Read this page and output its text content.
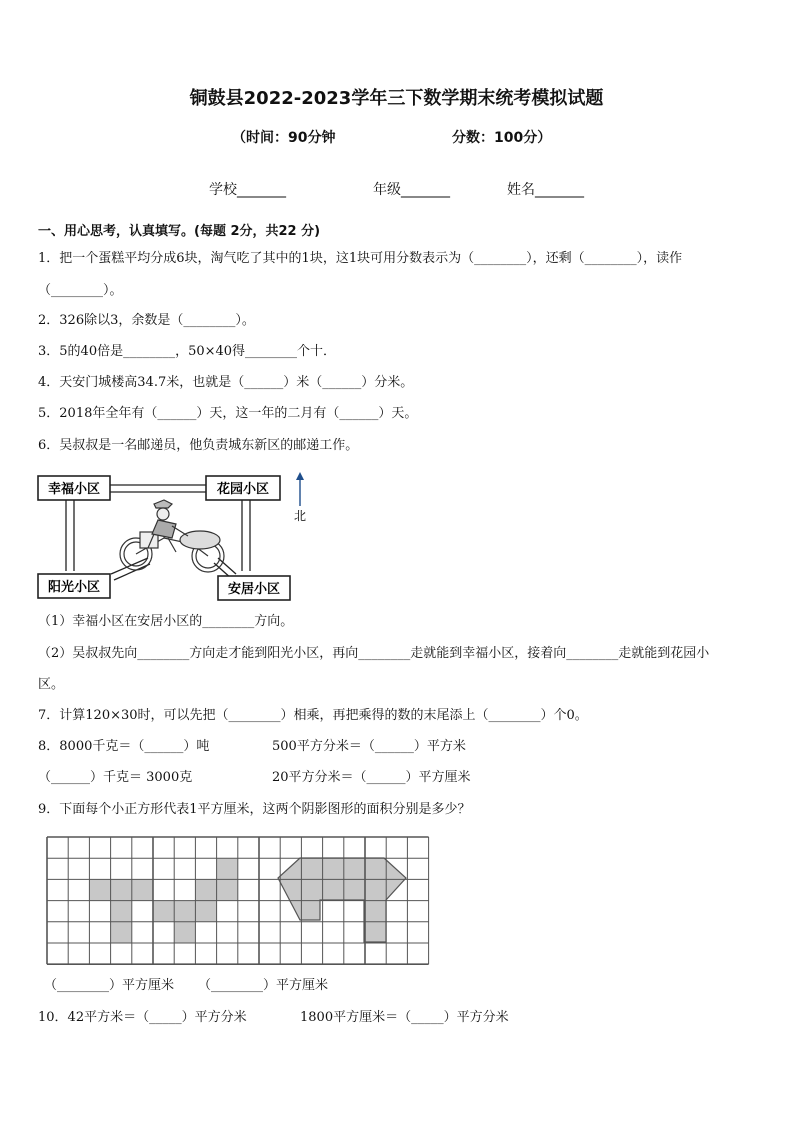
铜鼓县2022-2023学年三下数学期末统考模拟试题
（时间：90分钟	分数：100分）
学校_______	年级_______	姓名_______
一、用心思考，认真填写。(每题 2分，共22 分)
1．把一个蛋糕平均分成6块，淘气吃了其中的1块，这1块可用分数表示为（________），还剩（________），读作
（________）。
2．326除以3，余数是（________）。
3．5的40倍是________，50×40得________个十．
4．天安门城楼高34.7米，也就是（______）米（______）分米。
5．2018年全年有（______）天，这一年的二月有（______）天。
6．吴叔叔是一名邮递员，他负责城东新区的邮递工作。
幸福小区	花园小区
阳光小区	安居小区
北
（1）幸福小区在安居小区的________方向。
（2）吴叔叔先向________方向走才能到阳光小区，再向________走就能到幸福小区，接着向________走就能到花园小
区。
7．计算120×30时，可以先把（________）相乘，再把乘得的数的末尾添上（________）个0。
8．8000千克＝（______）吨	500平方分米＝（______）平方米
（______）千克＝ 3000克	20平方分米＝（______）平方厘米
9．下面每个小正方形代表1平方厘米，这两个阴影图形的面积分别是多少？
（________）平方厘米 （________）平方厘米
10．42平方米＝（_____）平方分米	1800平方厘米＝（_____）平方分米
